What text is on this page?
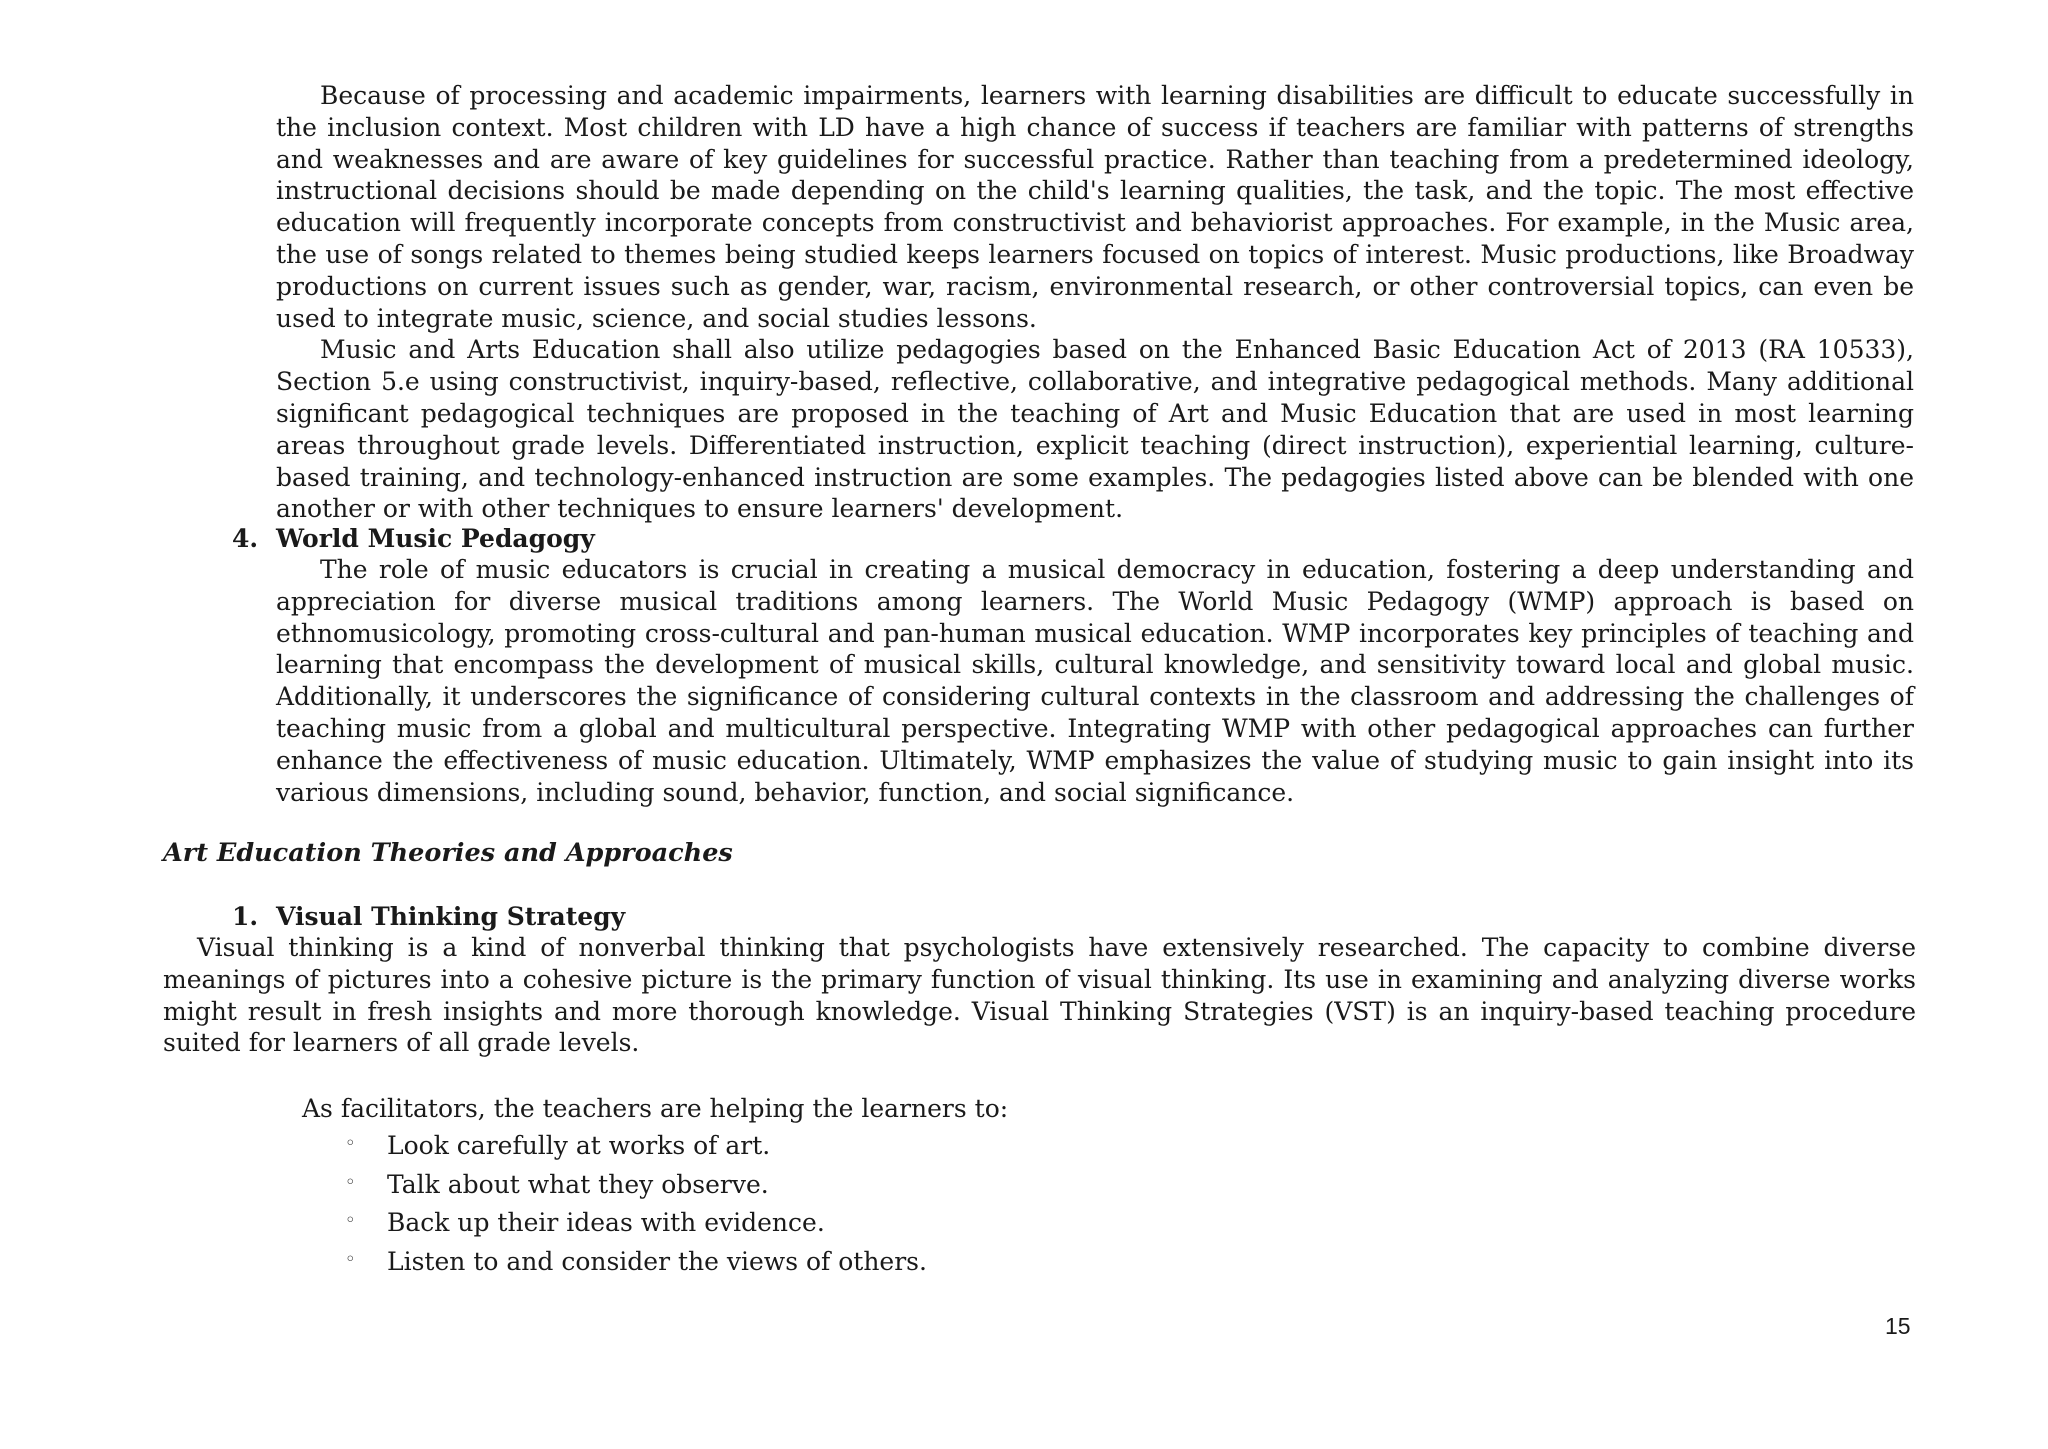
Because of processing and academic impairments, learners with learning disabilities are difficult to educate successfully in the inclusion context. Most children with LD have a high chance of success if teachers are familiar with patterns of strengths and weaknesses and are aware of key guidelines for successful practice. Rather than teaching from a predetermined ideology, instructional decisions should be made depending on the child's learning qualities, the task, and the topic. The most effective education will frequently incorporate concepts from constructivist and behaviorist approaches. For example, in the Music area, the use of songs related to themes being studied keeps learners focused on topics of interest. Music productions, like Broadway productions on current issues such as gender, war, racism, environmental research, or other controversial topics, can even be used to integrate music, science, and social studies lessons.

Music and Arts Education shall also utilize pedagogies based on the Enhanced Basic Education Act of 2013 (RA 10533), Section 5.e using constructivist, inquiry-based, reflective, collaborative, and integrative pedagogical methods. Many additional significant pedagogical techniques are proposed in the teaching of Art and Music Education that are used in most learning areas throughout grade levels. Differentiated instruction, explicit teaching (direct instruction), experiential learning, culture-based training, and technology-enhanced instruction are some examples. The pedagogies listed above can be blended with one another or with other techniques to ensure learners' development.

4. World Music Pedagogy

The role of music educators is crucial in creating a musical democracy in education, fostering a deep understanding and appreciation for diverse musical traditions among learners. The World Music Pedagogy (WMP) approach is based on ethnomusicology, promoting cross-cultural and pan-human musical education. WMP incorporates key principles of teaching and learning that encompass the development of musical skills, cultural knowledge, and sensitivity toward local and global music. Additionally, it underscores the significance of considering cultural contexts in the classroom and addressing the challenges of teaching music from a global and multicultural perspective. Integrating WMP with other pedagogical approaches can further enhance the effectiveness of music education. Ultimately, WMP emphasizes the value of studying music to gain insight into its various dimensions, including sound, behavior, function, and social significance.

Art Education Theories and Approaches
1. Visual Thinking Strategy

Visual thinking is a kind of nonverbal thinking that psychologists have extensively researched. The capacity to combine diverse meanings of pictures into a cohesive picture is the primary function of visual thinking. Its use in examining and analyzing diverse works might result in fresh insights and more thorough knowledge. Visual Thinking Strategies (VST) is an inquiry-based teaching procedure suited for learners of all grade levels.

As facilitators, the teachers are helping the learners to:
◦ Look carefully at works of art.
◦ Talk about what they observe.
◦ Back up their ideas with evidence.
◦ Listen to and consider the views of others.
15
